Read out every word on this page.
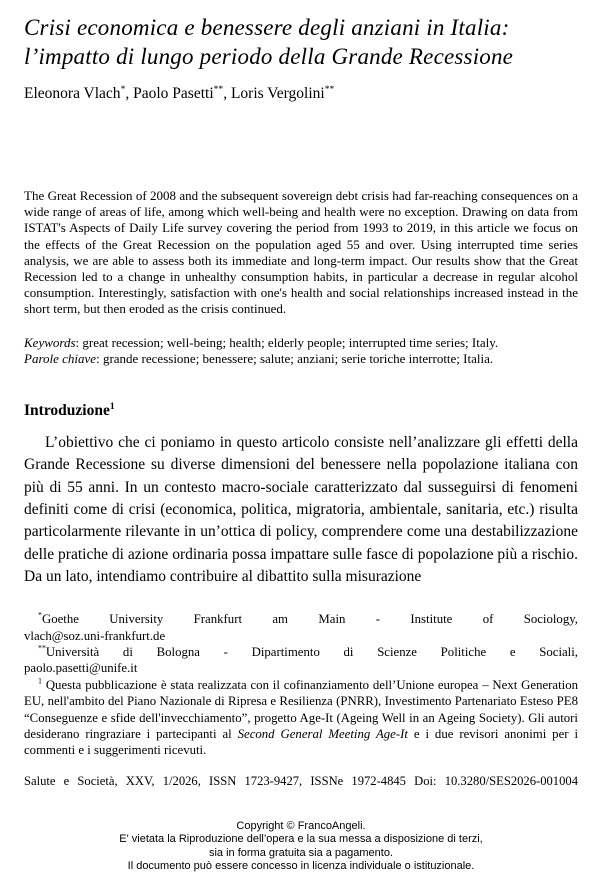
Crisi economica e benessere degli anziani in Italia:
l’impatto di lungo periodo della Grande Recessione
Eleonora Vlach*, Paolo Pasetti**, Loris Vergolini**

The Great Recession of 2008 and the subsequent sovereign debt crisis had far-reaching consequences on a wide range of areas of life, among which well-being and health were no exception. Drawing on data from ISTAT's Aspects of Daily Life survey covering the period from 1993 to 2019, in this article we focus on the effects of the Great Recession on the population aged 55 and over. Using interrupted time series analysis, we are able to assess both its immediate and long-term impact. Our results show that the Great Recession led to a change in unhealthy consumption habits, in particular a decrease in regular alcohol consumption. Interestingly, satisfaction with one's health and social relationships increased instead in the short term, but then eroded as the crisis continued.

Keywords: great recession; well-being; health; elderly people; interrupted time series; Italy.
Parole chiave: grande recessione; benessere; salute; anziani; serie toriche interrotte; Italia.
Introduzione$^1$

L’obiettivo che ci poniamo in questo articolo consiste nell’analizzare gli effetti della Grande Recessione su diverse dimensioni del benessere nella popolazione italiana con più di 55 anni. In un contesto macro-sociale caratterizzato dal susseguirsi di fenomeni definiti come di crisi (economica, politica, migratoria, ambientale, sanitaria, etc.) risulta particolarmente rilevante in un’ottica di policy, comprendere come una destabilizzazione delle pratiche di azione ordinaria possa impattare sulle fasce di popolazione più a rischio. Da un lato, intendiamo contribuire al dibattito sulla misurazione

*Goethe University Frankfurt am Main - Institute of Sociology,
vlach@soz.uni-frankfurt.de
**Università di Bologna - Dipartimento di Scienze Politiche e Sociali,
paolo.pasetti@unife.it

$^1$ Questa pubblicazione è stata realizzata con il cofinanziamento dell’Unione europea – Next Generation EU, nell'ambito del Piano Nazionale di Ripresa e Resilienza (PNRR), Investimento Partenariato Esteso PE8 “Conseguenze e sfide dell'invecchiamento”, progetto Age-It (Ageing Well in an Ageing Society). Gli autori desiderano ringraziare i partecipanti al Second General Meeting Age-It e i due revisori anonimi per i commenti e i suggerimenti ricevuti.

Salute e Società, XXV, 1/2026, ISSN 1723-9427, ISSNe 1972-4845 Doi: 10.3280/SES2026-001004
Copyright © FrancoAngeli.
E' vietata la Riproduzione dell’opera e la sua messa a disposizione di terzi,
sia in forma gratuita sia a pagamento.
Il documento può essere concesso in licenza individuale o istituzionale.
